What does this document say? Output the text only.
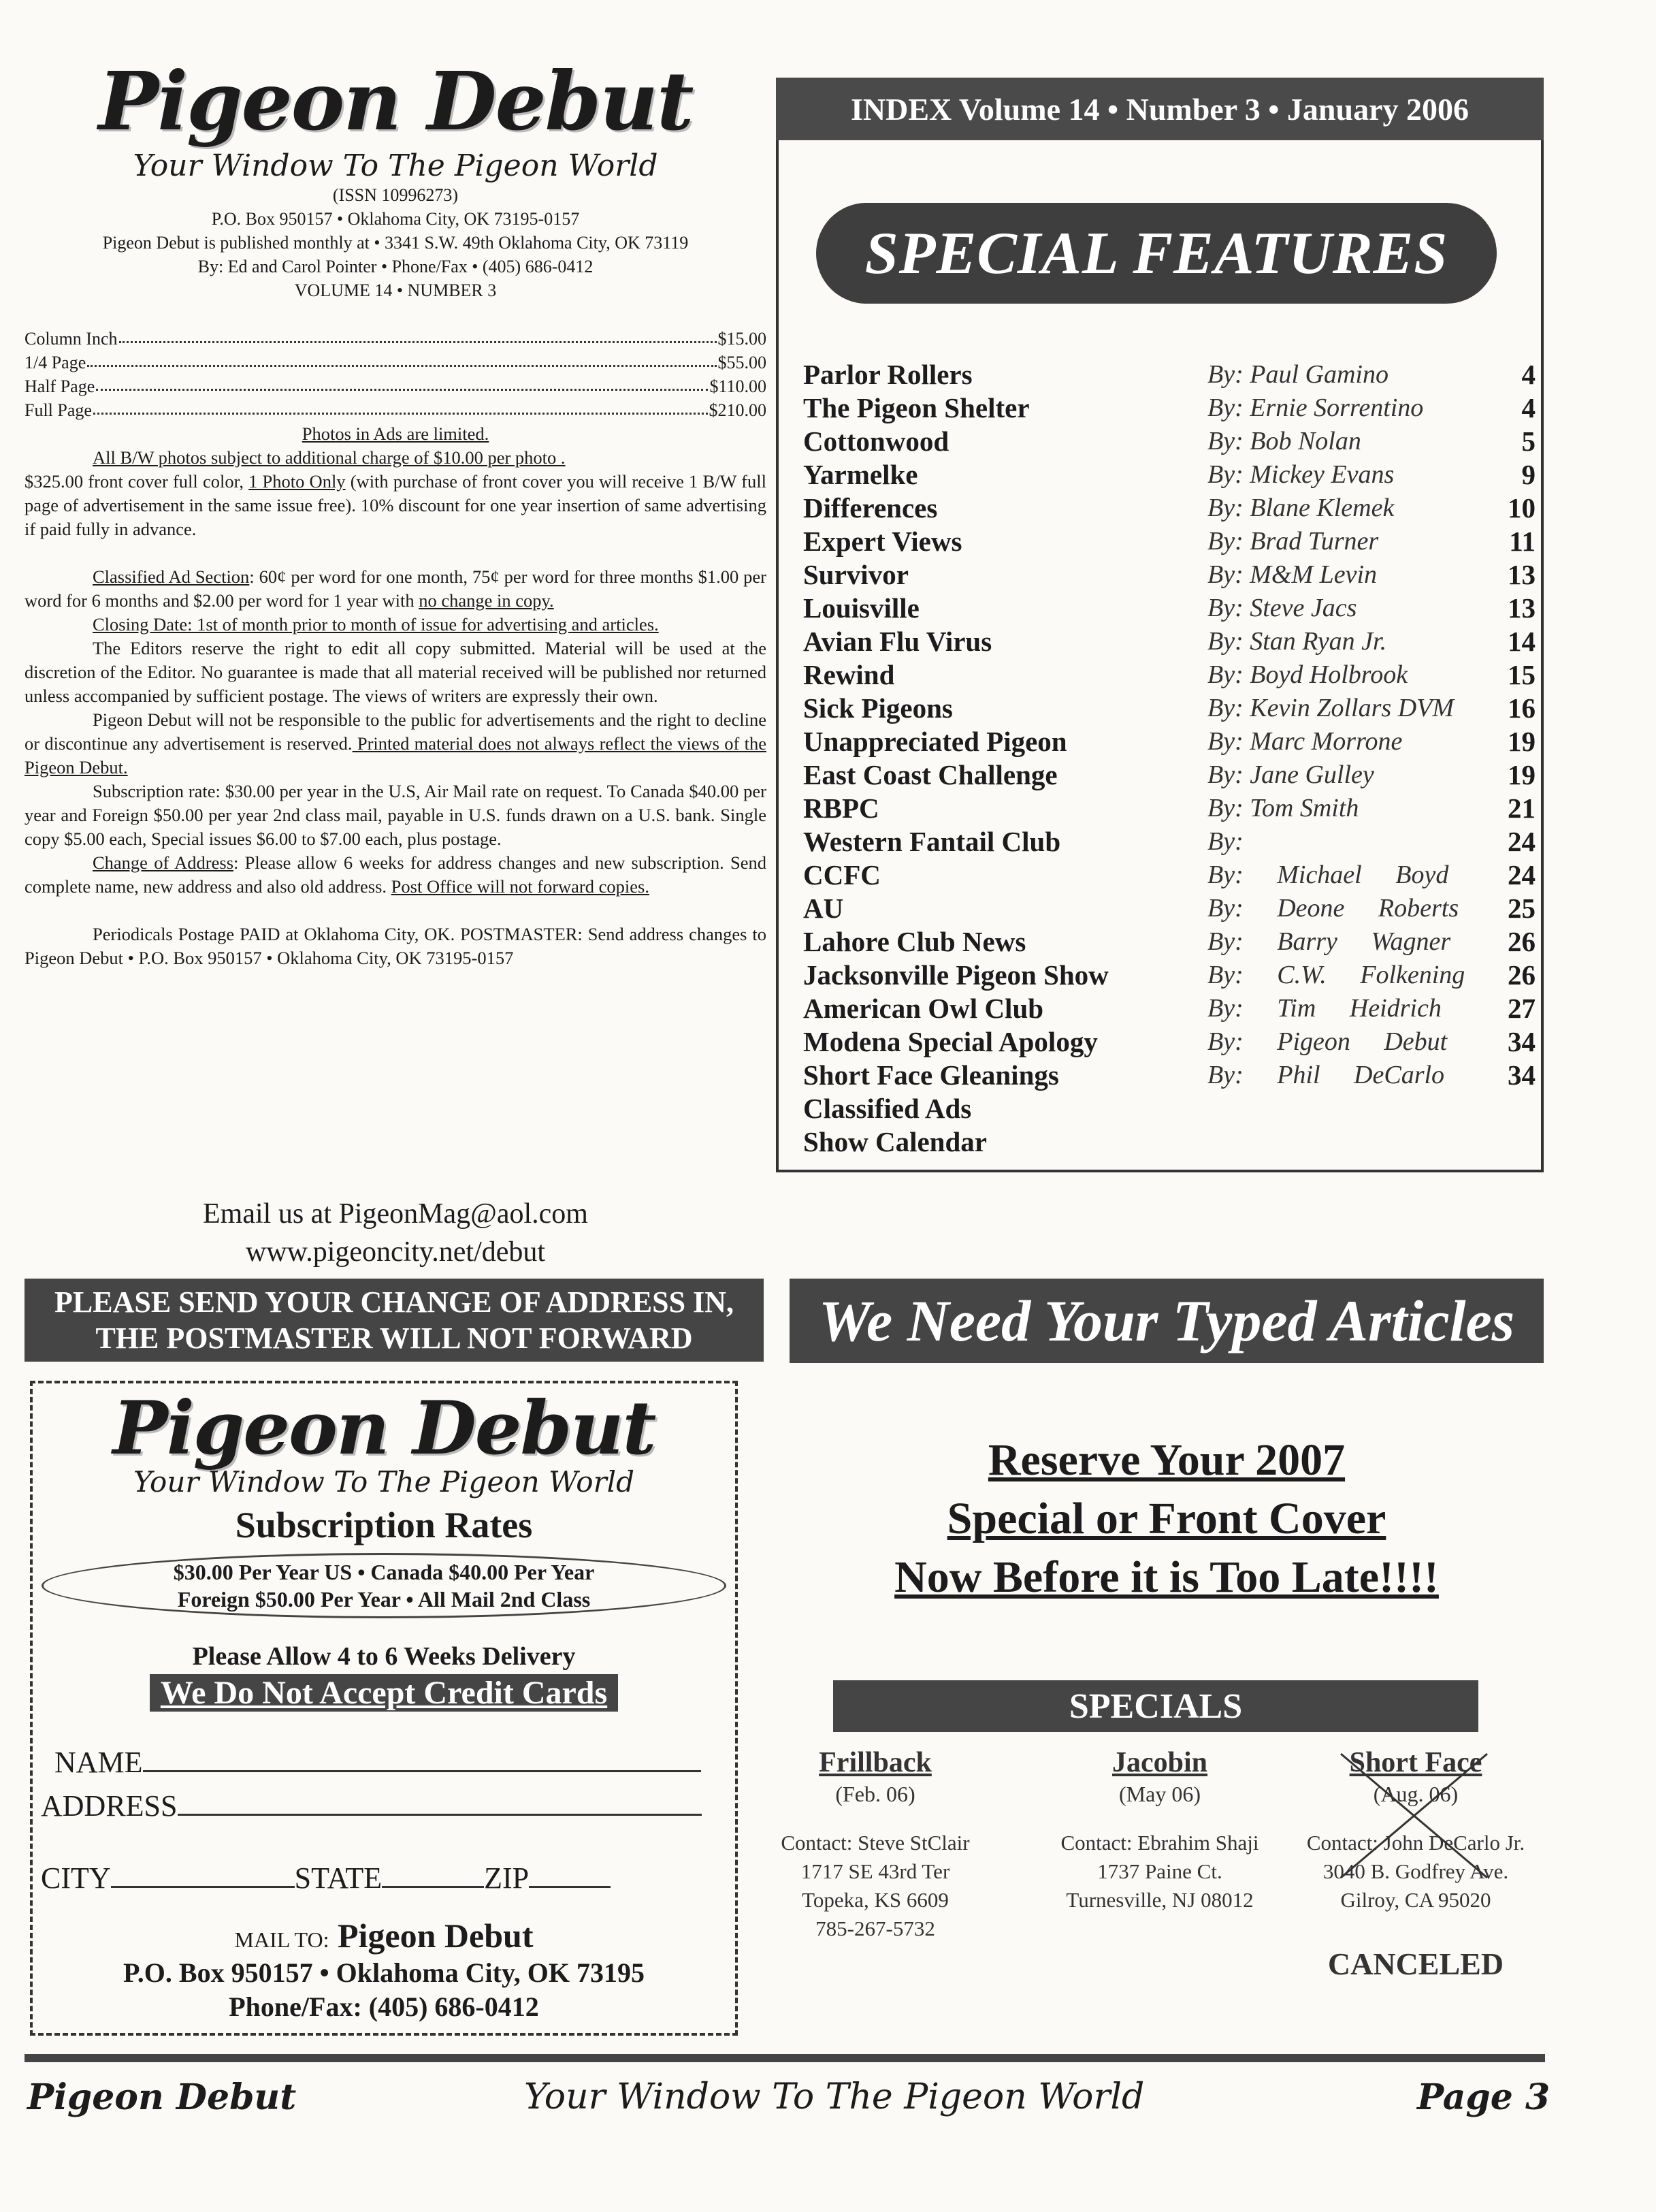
Pigeon Debut
Your Window To The Pigeon World
(ISSN 10996273)
P.O. Box 950157 • Oklahoma City, OK 73195-0157
Pigeon Debut is published monthly at • 3341 S.W. 49th Oklahoma City, OK 73119
By: Ed and Carol Pointer • Phone/Fax • (405) 686-0412
VOLUME 14 • NUMBER 3
Column Inch	$15.00
1/4 Page	$55.00
Half Page	$110.00
Full Page	$210.00

Photos in Ads are limited.

All B/W photos subject to additional charge of $10.00 per photo .

$325.00 front cover full color, 1 Photo Only (with purchase of front cover you will receive 1 B/W full page of advertisement in the same issue free). 10% discount for one year insertion of same advertising if paid fully in advance.

Classified Ad Section: 60¢ per word for one month, 75¢ per word for three months $1.00 per word for 6 months and $2.00 per word for 1 year with no change in copy.

Closing Date: 1st of month prior to month of issue for advertising and articles.

The Editors reserve the right to edit all copy submitted. Material will be used at the discretion of the Editor. No guarantee is made that all material received will be published nor returned unless accompanied by sufficient postage. The views of writers are expressly their own.

Pigeon Debut will not be responsible to the public for advertisements and the right to decline or discontinue any advertisement is reserved. Printed material does not always reflect the views of the Pigeon Debut.

Subscription rate: $30.00 per year in the U.S, Air Mail rate on request. To Canada $40.00 per year and Foreign $50.00 per year 2nd class mail, payable in U.S. funds drawn on a U.S. bank. Single copy $5.00 each, Special issues $6.00 to $7.00 each, plus postage.

Change of Address: Please allow 6 weeks for address changes and new subscription. Send complete name, new address and also old address. Post Office will not forward copies.

Periodicals Postage PAID at Oklahoma City, OK. POSTMASTER: Send address changes to Pigeon Debut • P.O. Box 950157 • Oklahoma City, OK 73195-0157

Email us at PigeonMag@aol.com
www.pigeoncity.net/debut
INDEX Volume 14 • Number 3 • January 2006
SPECIAL FEATURES
Parlor Rollers	By: Paul Gamino	4
The Pigeon Shelter	By: Ernie Sorrentino	4
Cottonwood	By: Bob Nolan	5
Yarmelke	By: Mickey Evans	9
Differences	By: Blane Klemek	10
Expert Views	By: Brad Turner	11
Survivor	By: M&M Levin	13
Louisville	By: Steve Jacs	13
Avian Flu Virus	By: Stan Ryan Jr.	14
Rewind	By: Boyd Holbrook	15
Sick Pigeons	By: Kevin Zollars DVM 16
Unappreciated Pigeon	By: Marc Morrone	19
East Coast Challenge	By: Jane Gulley	19
RBPC	By: Tom Smith	21
Western Fantail Club	By:	24
CCFC	By: Michael Boyd 24
AU	By: Deone Roberts 25
Lahore Club News	By: Barry Wagner 26
Jacksonville Pigeon Show	By: C.W. Folkening 26
American Owl Club	By: Tim Heidrich 27
Modena Special Apology	By: Pigeon Debut 34
Short Face Gleanings	By: Phil DeCarlo 34
Classified Ads
Show Calendar
PLEASE SEND YOUR CHANGE OF ADDRESS IN,
THE POSTMASTER WILL NOT FORWARD	We Need Your Typed Articles
Pigeon Debut
Your Window To The Pigeon World
Subscription Rates
$30.00 Per Year US • Canada $40.00 Per Year
Foreign $50.00 Per Year • All Mail 2nd Class
Please Allow 4 to 6 Weeks Delivery
We Do Not Accept Credit Cards
NAME
ADDRESS
CITY	STATE	ZIP
MAIL TO: Pigeon Debut
P.O. Box 950157 • Oklahoma City, OK 73195
Phone/Fax: (405) 686-0412
Reserve Your 2007
Special or Front Cover
Now Before it is Too Late!!!!
SPECIALS
Frillback
(Feb. 06)
Contact: Steve StClair
1717 SE 43rd Ter
Topeka, KS 6609
785-267-5732
Jacobin
(May 06)
Contact: Ebrahim Shaji
1737 Paine Ct.
Turnesville, NJ 08012
Short Face
(Aug. 06)
Contact: John DeCarlo Jr.
3040 B. Godfrey Ave.
Gilroy, CA 95020
CANCELED
Pigeon Debut	Your Window To The Pigeon World	Page 3
